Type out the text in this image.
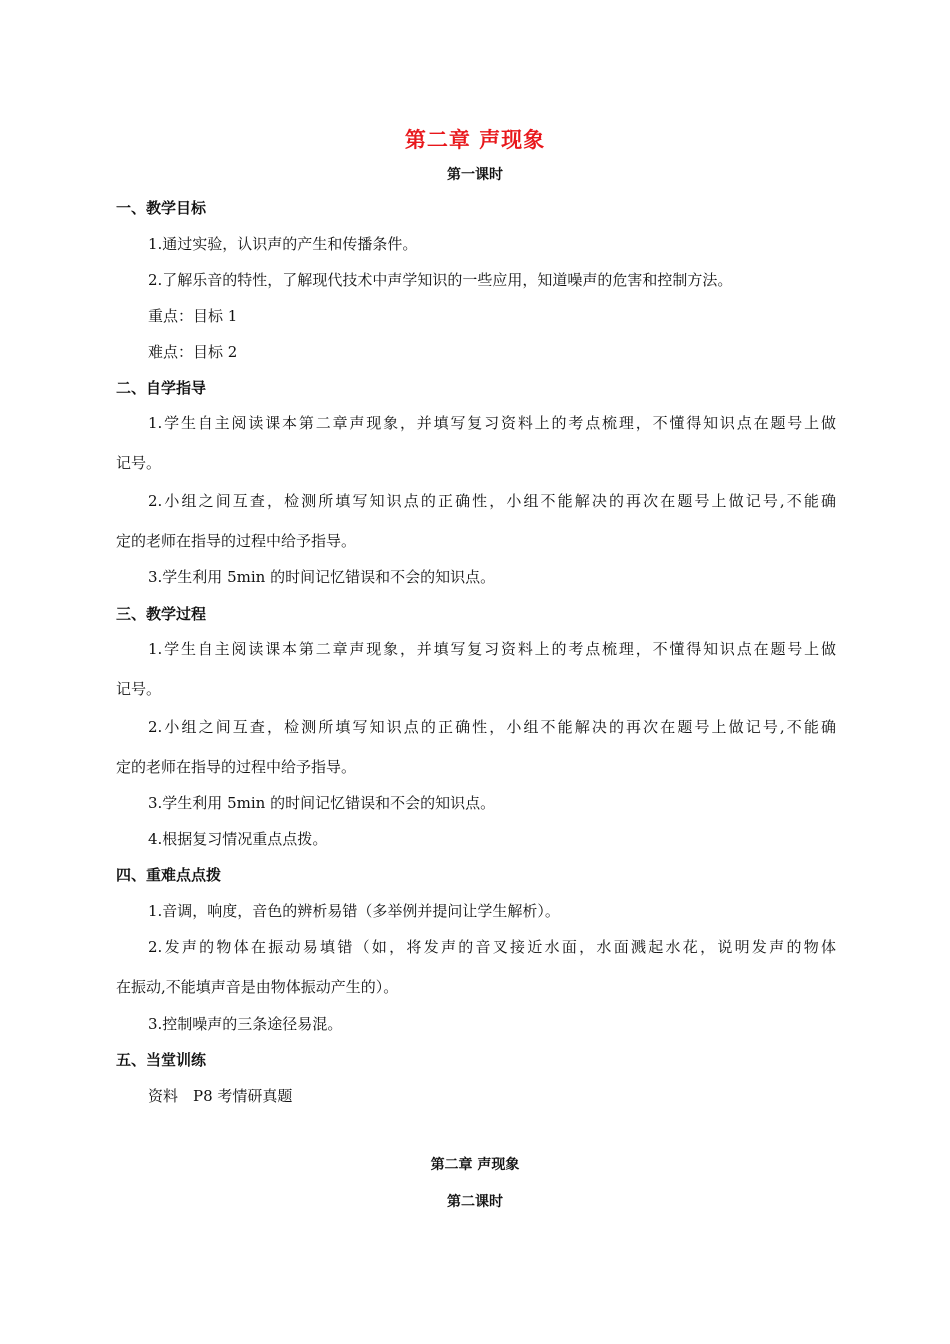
第二章 声现象
第一课时
一、教学目标
1.通过实验，认识声的产生和传播条件。
2.了解乐音的特性，了解现代技术中声学知识的一些应用，知道噪声的危害和控制方法。
重点：目标 1
难点：目标 2
二、自学指导
1.学生自主阅读课本第二章声现象，并填写复习资料上的考点梳理，不懂得知识点在题号上做
记号。
2.小组之间互查，检测所填写知识点的正确性，小组不能解决的再次在题号上做记号,不能确
定的老师在指导的过程中给予指导。
3.学生利用 5min 的时间记忆错误和不会的知识点。
三、教学过程
1.学生自主阅读课本第二章声现象，并填写复习资料上的考点梳理，不懂得知识点在题号上做
记号。
2.小组之间互查，检测所填写知识点的正确性，小组不能解决的再次在题号上做记号,不能确
定的老师在指导的过程中给予指导。
3.学生利用 5min 的时间记忆错误和不会的知识点。
4.根据复习情况重点点拨。
四、重难点点拨
1.音调，响度，音色的辨析易错（多举例并提问让学生解析）。
2.发声的物体在振动易填错（如，将发声的音叉接近水面，水面溅起水花，说明发声的物体
在振动,不能填声音是由物体振动产生的）。
3.控制噪声的三条途径易混。
五、当堂训练
资料　P8 考情研真题
第二章 声现象
第二课时
